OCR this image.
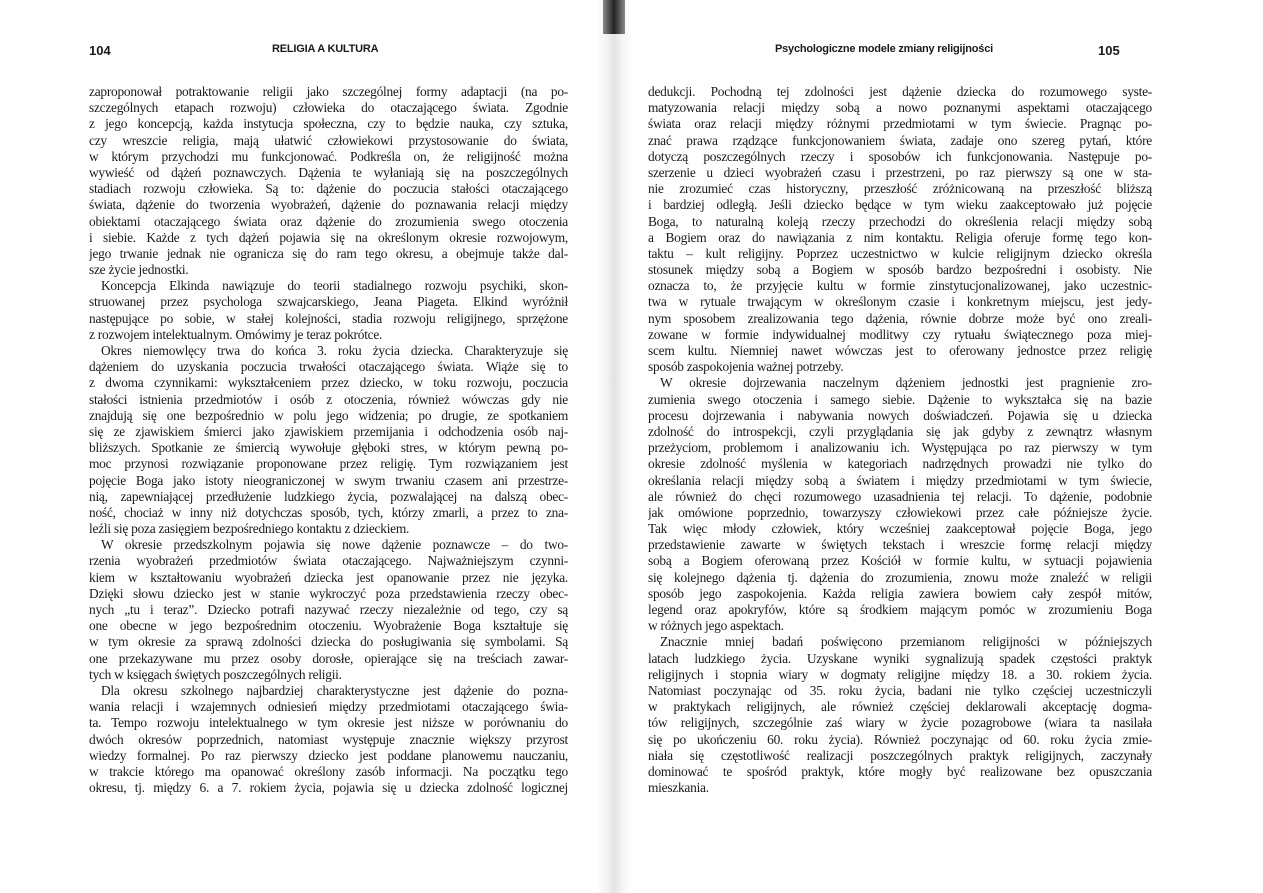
104	RELIGIA A KULTURA
zaproponował potraktowanie religii jako szczególnej formy adaptacji (na po-
szczególnych etapach rozwoju) człowieka do otaczającego świata. Zgodnie
z jego koncepcją, każda instytucja społeczna, czy to będzie nauka, czy sztuka,
czy wreszcie religia, mają ułatwić człowiekowi przystosowanie do świata,
w którym przychodzi mu funkcjonować. Podkreśla on, że religijność można
wywieść od dążeń poznawczych. Dążenia te wyłaniają się na poszczególnych
stadiach rozwoju człowieka. Są to: dążenie do poczucia stałości otaczającego
świata, dążenie do tworzenia wyobrażeń, dążenie do poznawania relacji między
obiektami otaczającego świata oraz dążenie do zrozumienia swego otoczenia
i siebie. Każde z tych dążeń pojawia się na określonym okresie rozwojowym,
jego trwanie jednak nie ogranicza się do ram tego okresu, a obejmuje także dal-
sze życie jednostki.
Koncepcja Elkinda nawiązuje do teorii stadialnego rozwoju psychiki, skon-
struowanej przez psychologa szwajcarskiego, Jeana Piageta. Elkind wyróżnił
następujące po sobie, w stałej kolejności, stadia rozwoju religijnego, sprzężone
z rozwojem intelektualnym. Omówimy je teraz pokrótce.
Okres niemowlęcy trwa do końca 3. roku życia dziecka. Charakteryzuje się
dążeniem do uzyskania poczucia trwałości otaczającego świata. Wiąże się to
z dwoma czynnikami: wykształceniem przez dziecko, w toku rozwoju, poczucia
stałości istnienia przedmiotów i osób z otoczenia, również wówczas gdy nie
znajdują się one bezpośrednio w polu jego widzenia; po drugie, ze spotkaniem
się ze zjawiskiem śmierci jako zjawiskiem przemijania i odchodzenia osób naj-
bliższych. Spotkanie ze śmiercią wywołuje głęboki stres, w którym pewną po-
moc przynosi rozwiązanie proponowane przez religię. Tym rozwiązaniem jest
pojęcie Boga jako istoty nieograniczonej w swym trwaniu czasem ani przestrze-
nią, zapewniającej przedłużenie ludzkiego życia, pozwalającej na dalszą obec-
ność, chociaż w inny niż dotychczas sposób, tych, którzy zmarli, a przez to zna-
leźli się poza zasięgiem bezpośredniego kontaktu z dzieckiem.
W okresie przedszkolnym pojawia się nowe dążenie poznawcze – do two-
rzenia wyobrażeń przedmiotów świata otaczającego. Najważniejszym czynni-
kiem w kształtowaniu wyobrażeń dziecka jest opanowanie przez nie języka.
Dzięki słowu dziecko jest w stanie wykroczyć poza przedstawienia rzeczy obec-
nych „tu i teraz”. Dziecko potrafi nazywać rzeczy niezależnie od tego, czy są
one obecne w jego bezpośrednim otoczeniu. Wyobrażenie Boga kształtuje się
w tym okresie za sprawą zdolności dziecka do posługiwania się symbolami. Są
one przekazywane mu przez osoby dorosłe, opierające się na treściach zawar-
tych w księgach świętych poszczególnych religii.
Dla okresu szkolnego najbardziej charakterystyczne jest dążenie do pozna-
wania relacji i wzajemnych odniesień między przedmiotami otaczającego świa-
ta. Tempo rozwoju intelektualnego w tym okresie jest niższe w porównaniu do
dwóch okresów poprzednich, natomiast występuje znacznie większy przyrost
wiedzy formalnej. Po raz pierwszy dziecko jest poddane planowemu nauczaniu,
w trakcie którego ma opanować określony zasób informacji. Na początku tego
okresu, tj. między 6. a 7. rokiem życia, pojawia się u dziecka zdolność logicznej
Psychologiczne modele zmiany religijności	105
dedukcji. Pochodną tej zdolności jest dążenie dziecka do rozumowego syste-
matyzowania relacji między sobą a nowo poznanymi aspektami otaczającego
świata oraz relacji między różnymi przedmiotami w tym świecie. Pragnąc po-
znać prawa rządzące funkcjonowaniem świata, zadaje ono szereg pytań, które
dotyczą poszczególnych rzeczy i sposobów ich funkcjonowania. Następuje po-
szerzenie u dzieci wyobrażeń czasu i przestrzeni, po raz pierwszy są one w sta-
nie zrozumieć czas historyczny, przeszłość zróżnicowaną na przeszłość bliższą
i bardziej odległą. Jeśli dziecko będące w tym wieku zaakceptowało już pojęcie
Boga, to naturalną koleją rzeczy przechodzi do określenia relacji między sobą
a Bogiem oraz do nawiązania z nim kontaktu. Religia oferuje formę tego kon-
taktu – kult religijny. Poprzez uczestnictwo w kulcie religijnym dziecko określa
stosunek między sobą a Bogiem w sposób bardzo bezpośredni i osobisty. Nie
oznacza to, że przyjęcie kultu w formie zinstytucjonalizowanej, jako uczestnic-
twa w rytuale trwającym w określonym czasie i konkretnym miejscu, jest jedy-
nym sposobem zrealizowania tego dążenia, równie dobrze może być ono zreali-
zowane w formie indywidualnej modlitwy czy rytuału świątecznego poza miej-
scem kultu. Niemniej nawet wówczas jest to oferowany jednostce przez religię
sposób zaspokojenia ważnej potrzeby.
W okresie dojrzewania naczelnym dążeniem jednostki jest pragnienie zro-
zumienia swego otoczenia i samego siebie. Dążenie to wykształca się na bazie
procesu dojrzewania i nabywania nowych doświadczeń. Pojawia się u dziecka
zdolność do introspekcji, czyli przyglądania się jak gdyby z zewnątrz własnym
przeżyciom, problemom i analizowaniu ich. Występująca po raz pierwszy w tym
okresie zdolność myślenia w kategoriach nadrzędnych prowadzi nie tylko do
określania relacji między sobą a światem i między przedmiotami w tym świecie,
ale również do chęci rozumowego uzasadnienia tej relacji. To dążenie, podobnie
jak omówione poprzednio, towarzyszy człowiekowi przez całe późniejsze życie.
Tak więc młody człowiek, który wcześniej zaakceptował pojęcie Boga, jego
przedstawienie zawarte w świętych tekstach i wreszcie formę relacji między
sobą a Bogiem oferowaną przez Kościół w formie kultu, w sytuacji pojawienia
się kolejnego dążenia tj. dążenia do zrozumienia, znowu może znaleźć w religii
sposób jego zaspokojenia. Każda religia zawiera bowiem cały zespół mitów,
legend oraz apokryfów, które są środkiem mającym pomóc w zrozumieniu Boga
w różnych jego aspektach.
Znacznie mniej badań poświęcono przemianom religijności w późniejszych
latach ludzkiego życia. Uzyskane wyniki sygnalizują spadek częstości praktyk
religijnych i stopnia wiary w dogmaty religijne między 18. a 30. rokiem życia.
Natomiast poczynając od 35. roku życia, badani nie tylko częściej uczestniczyli
w praktykach religijnych, ale również częściej deklarowali akceptację dogma-
tów religijnych, szczególnie zaś wiary w życie pozagrobowe (wiara ta nasilała
się po ukończeniu 60. roku życia). Również poczynając od 60. roku życia zmie-
niała się częstotliwość realizacji poszczególnych praktyk religijnych, zaczynały
dominować te spośród praktyk, które mogły być realizowane bez opuszczania
mieszkania.
